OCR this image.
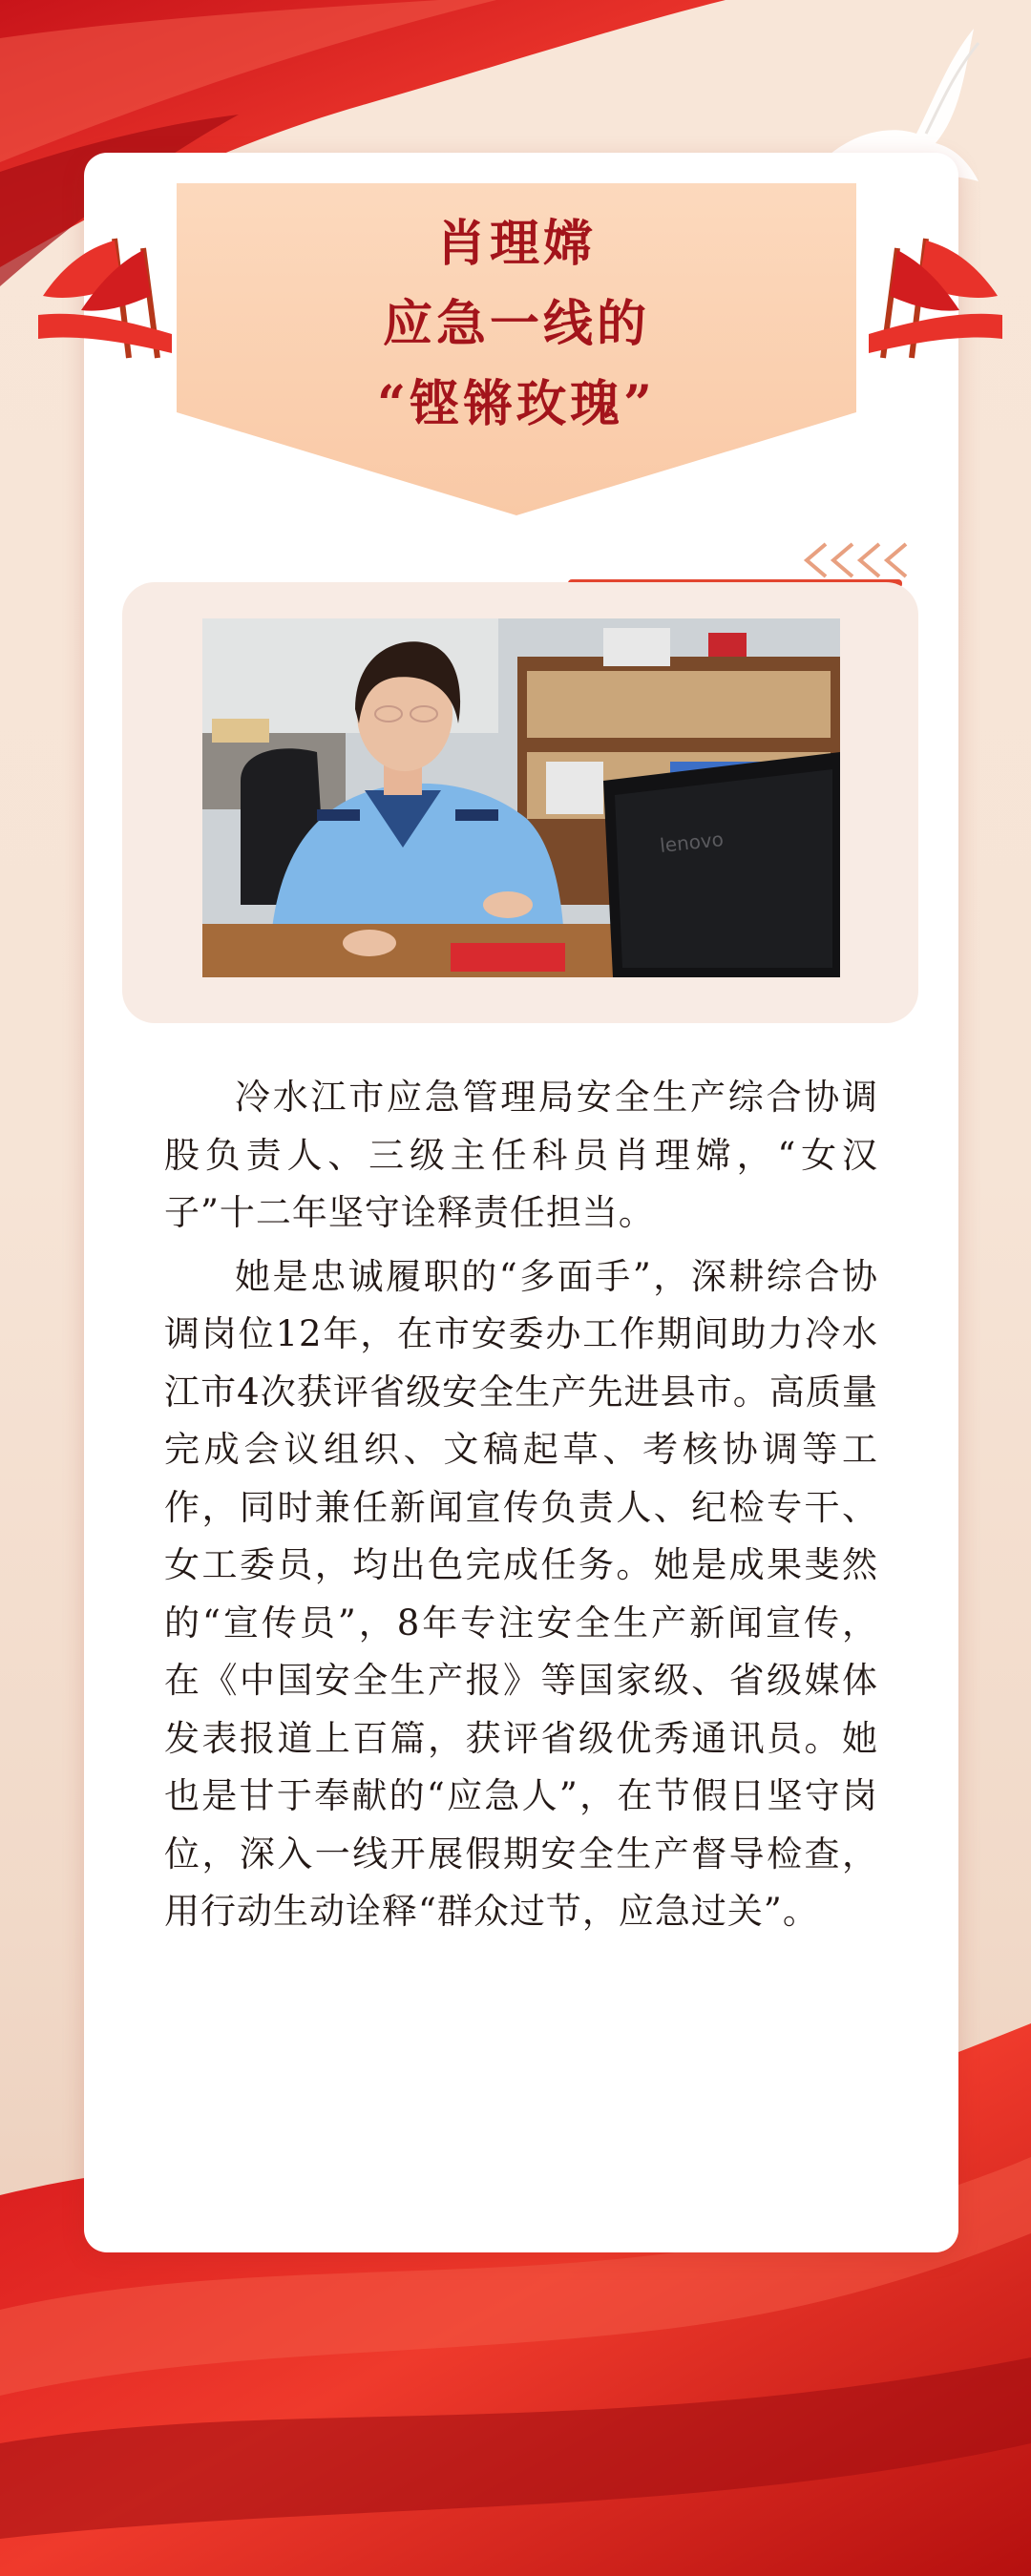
肖理嫦
应急一线的
“铿锵玫瑰”
lenovo

冷水江市应急管理局安全生产综合协调股负责人、三级主任科员肖理嫦，“女汉子”十二年坚守诠释责任担当。

她是忠诚履职的“多面手”，深耕综合协调岗位12年，在市安委办工作期间助力冷水江市4次获评省级安全生产先进县市。高质量完成会议组织、文稿起草、考核协调等工作，同时兼任新闻宣传负责人、纪检专干、女工委员，均出色完成任务。她是成果斐然的“宣传员”，8年专注安全生产新闻宣传，在《中国安全生产报》等国家级、省级媒体发表报道上百篇，获评省级优秀通讯员。她也是甘于奉献的“应急人”，在节假日坚守岗位，深入一线开展假期安全生产督导检查，用行动生动诠释“群众过节，应急过关”。
